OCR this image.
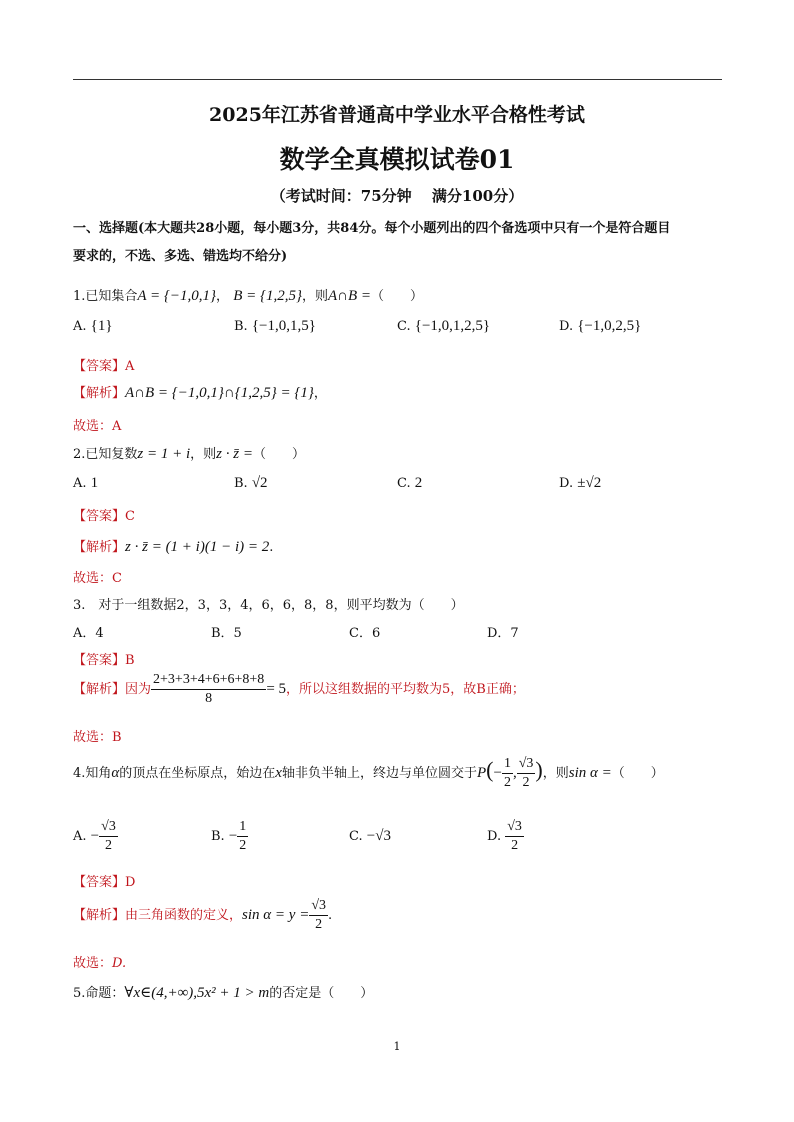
2025年江苏省普通高中学业水平合格性考试
数学全真模拟试卷01
（考试时间：75分钟　 满分100分）
一、选择题(本大题共28小题，每小题3分，共84分。每个小题列出的四个备选项中只有一个是符合题目
要求的，不选、多选、错选均不给分)
1.已知集合A = {−1,0,1}， B = {1,2,5}，则A∩B =（　　）
A. {1}	B. {−1,0,1,5}	C. {−1,0,1,2,5}	D. {−1,0,2,5}
【答案】A
【解析】A∩B = {−1,0,1}∩{1,2,5} = {1}，
故选：A
2.已知复数z = 1 + i，则z · z̄ =（　　）
A. 1	B. √2	C. 2	D. ±√2
【答案】C
【解析】z · z̄ = (1 + i)(1 − i) = 2.
故选：C
3.　对于一组数据2，3，3，4，6，6，8，8，则平均数为（　　）
A．4	B．5	C．6	D．7
【答案】B
【解析】因为 $\frac{2+3+3+4+6+6+8+8}{8} = 5$，所以这组数据的平均数为5，故B正确；
故选：B
4.知角α的顶点在坐标原点，始边在x轴非负半轴上，终边与单位圆交于$P(- \frac{1}{2}$ , $\frac{√3}{2}$ )，则sin α =（　　）
A. − $\frac{√3}{2}$	B. − $\frac{1}{2}$	C. −√3	D. $\frac{√3}{2}$
【答案】D
【解析】由三角函数的定义，$\sin \alpha = y = \frac{√3}{2}$ .
故选：D.
5.命题：∀x∈(4,+∞),5x² + 1 > m的否定是（　　）
1
